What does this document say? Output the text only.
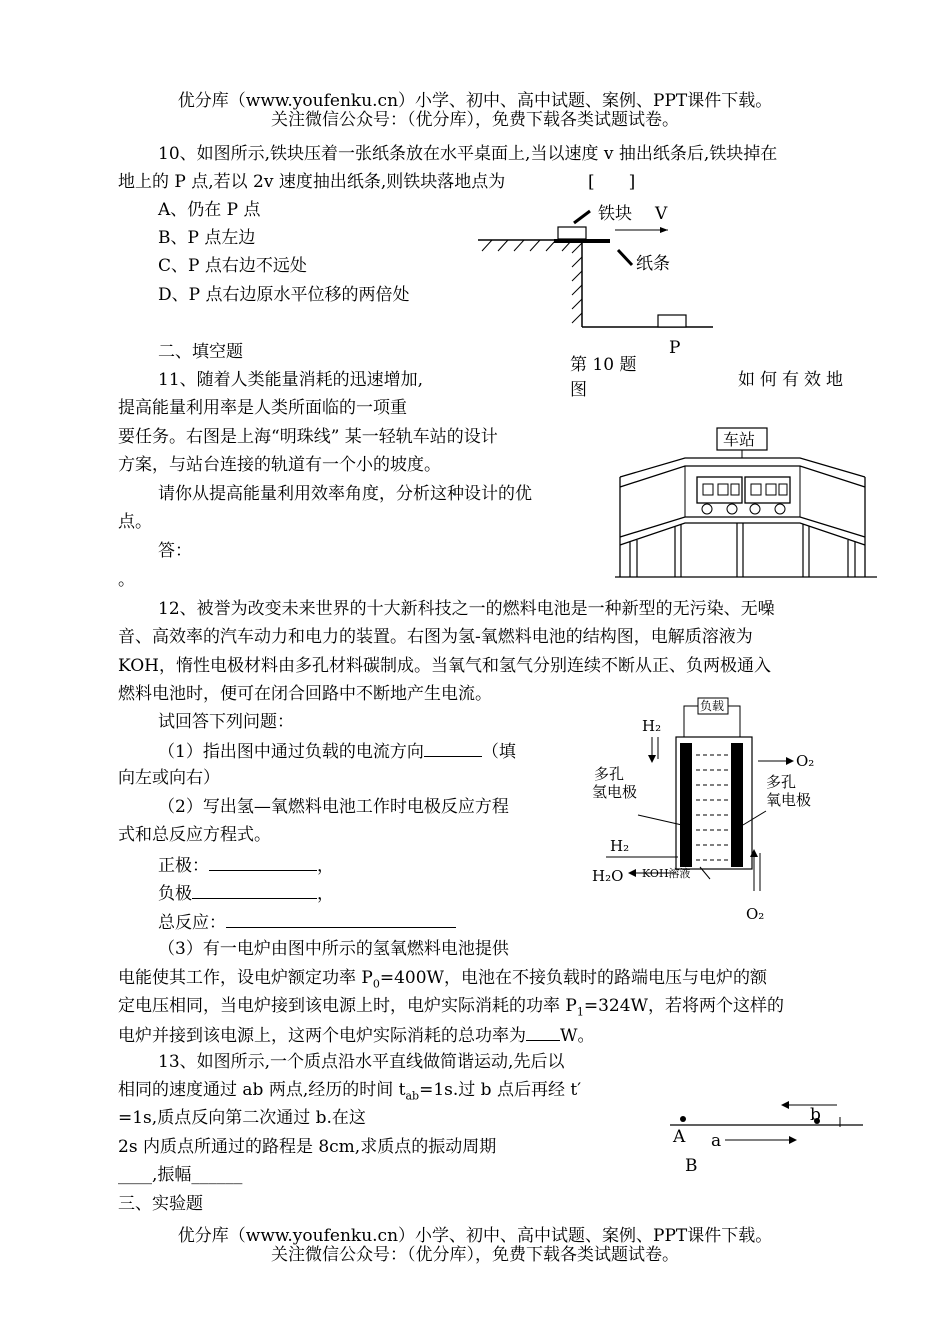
优分库（www.youfenku.cn）小学、初中、高中试题、案例、PPT课件下载。
关注微信公众号：（优分库），免费下载各类试题试卷。
10、如图所示,铁块压着一张纸条放在水平桌面上,当以速度 v 抽出纸条后,铁块掉在
地上的 P 点,若以 2v 速度抽出纸条,则铁块落地点为	[　　]
A、仍在 P 点
B、P 点左边
C、P 点右边不远处
D、P 点右边原水平位移的两倍处
铁块 V
纸条
P
第 10 题
图
二、填空题
11、随着人类能量消耗的迅速增加,	如何有效地
提高能量利用率是人类所面临的一项重
要任务。右图是上海“明珠线” 某一轻轨车站的设计
方案，与站台连接的轨道有一个小的坡度。
请你从提高能量利用效率角度，分析这种设计的优
点。
答：
。
车站
12、被誉为改变未来世界的十大新科技之一的燃料电池是一种新型的无污染、无噪
音、高效率的汽车动力和电力的装置。右图为氢-氧燃料电池的结构图，电解质溶液为
KOH，惰性电极材料由多孔材料碳制成。当氧气和氢气分别连续不断从正、负两极通入
燃料电池时，便可在闭合回路中不断地产生电流。
试回答下列问题：
（1）指出图中通过负载的电流方向	（填
向左或向右）
（2）写出氢—氧燃料电池工作时电极反应方程
式和总反应方程式。
正极：	，
负极	，
总反应：
（3）有一电炉由图中所示的氢氧燃料电池提供
电能使其工作，设电炉额定功率 $P_0=400W$，电池在不接负载时的路端电压与电炉的额
定电压相同，当电炉接到该电源上时，电炉实际消耗的功率 $P_1=324W$，若将两个这样的
电炉并接到该电源上，这两个电炉实际消耗的总功率为 W。
负载
H₂
O₂
多孔
氢电极
多孔
氧电极
H₂
H₂O KOH溶液
O₂
13、如图所示,一个质点沿水平直线做简谐运动,先后以
相同的速度通过 ab 两点,经历的时间 $t_{ab}=1s$.过 b 点后再经 t′
=1s,质点反向第二次通过 b.在这
2s 内质点所通过的路程是 8cm,求质点的振动周期
____,振幅______
A a
b
B
三、实验题
优分库（www.youfenku.cn）小学、初中、高中试题、案例、PPT课件下载。
关注微信公众号：（优分库），免费下载各类试题试卷。
